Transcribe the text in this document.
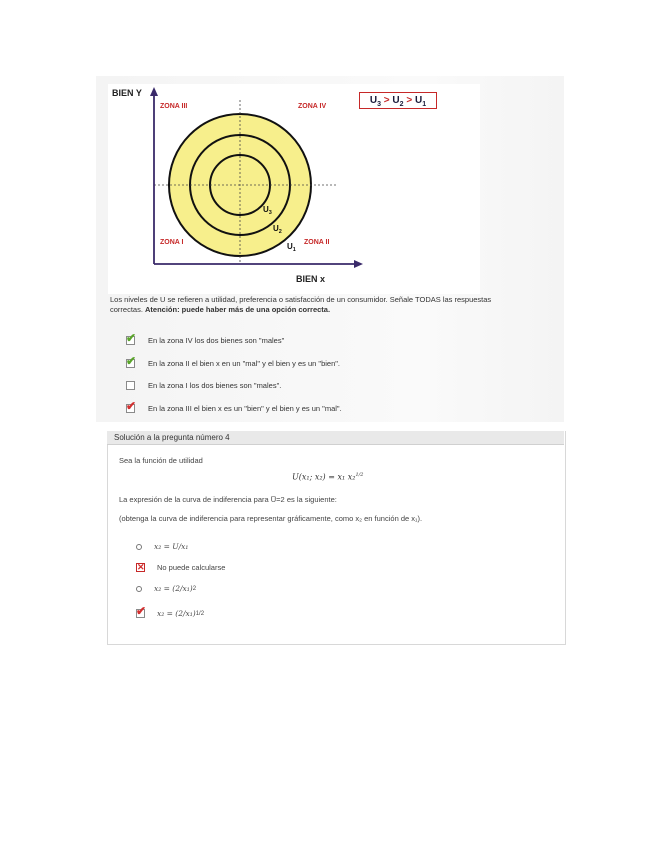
BIEN Y
BIEN x
ZONA III	ZONA IV
ZONA I	ZONA II
$U_3$
$U_2$
$U_1$
$U_3 > U_2 > U_1$
Los niveles de U se refieren a utilidad, preferencia o satisfacción de un consumidor. Señale TODAS las respuestas
correctas. Atención: puede haber más de una opción correcta.
✔ En la zona IV los dos bienes son "males"
✔ En la zona II el bien x en un "mal" y el bien y es un "bien".
En la zona I los dos bienes son "males".
✔ En la zona III el bien x es un "bien" y el bien y es un "mal".
Solución a la pregunta número 4
Sea la función de utilidad
U(x₁; x₂) = x₁ x₂$^{1/2}$
La expresión de la curva de indiferencia para U̅=2 es la siguiente:
(obtenga la curva de indiferencia para representar gráficamente, como x₂ en función de x₁).
x₂ = U/x₁
✕ No puede calcularse
x₂ = (2/x₁) 2
✔ x₂ = (2/x₁) 1/2
